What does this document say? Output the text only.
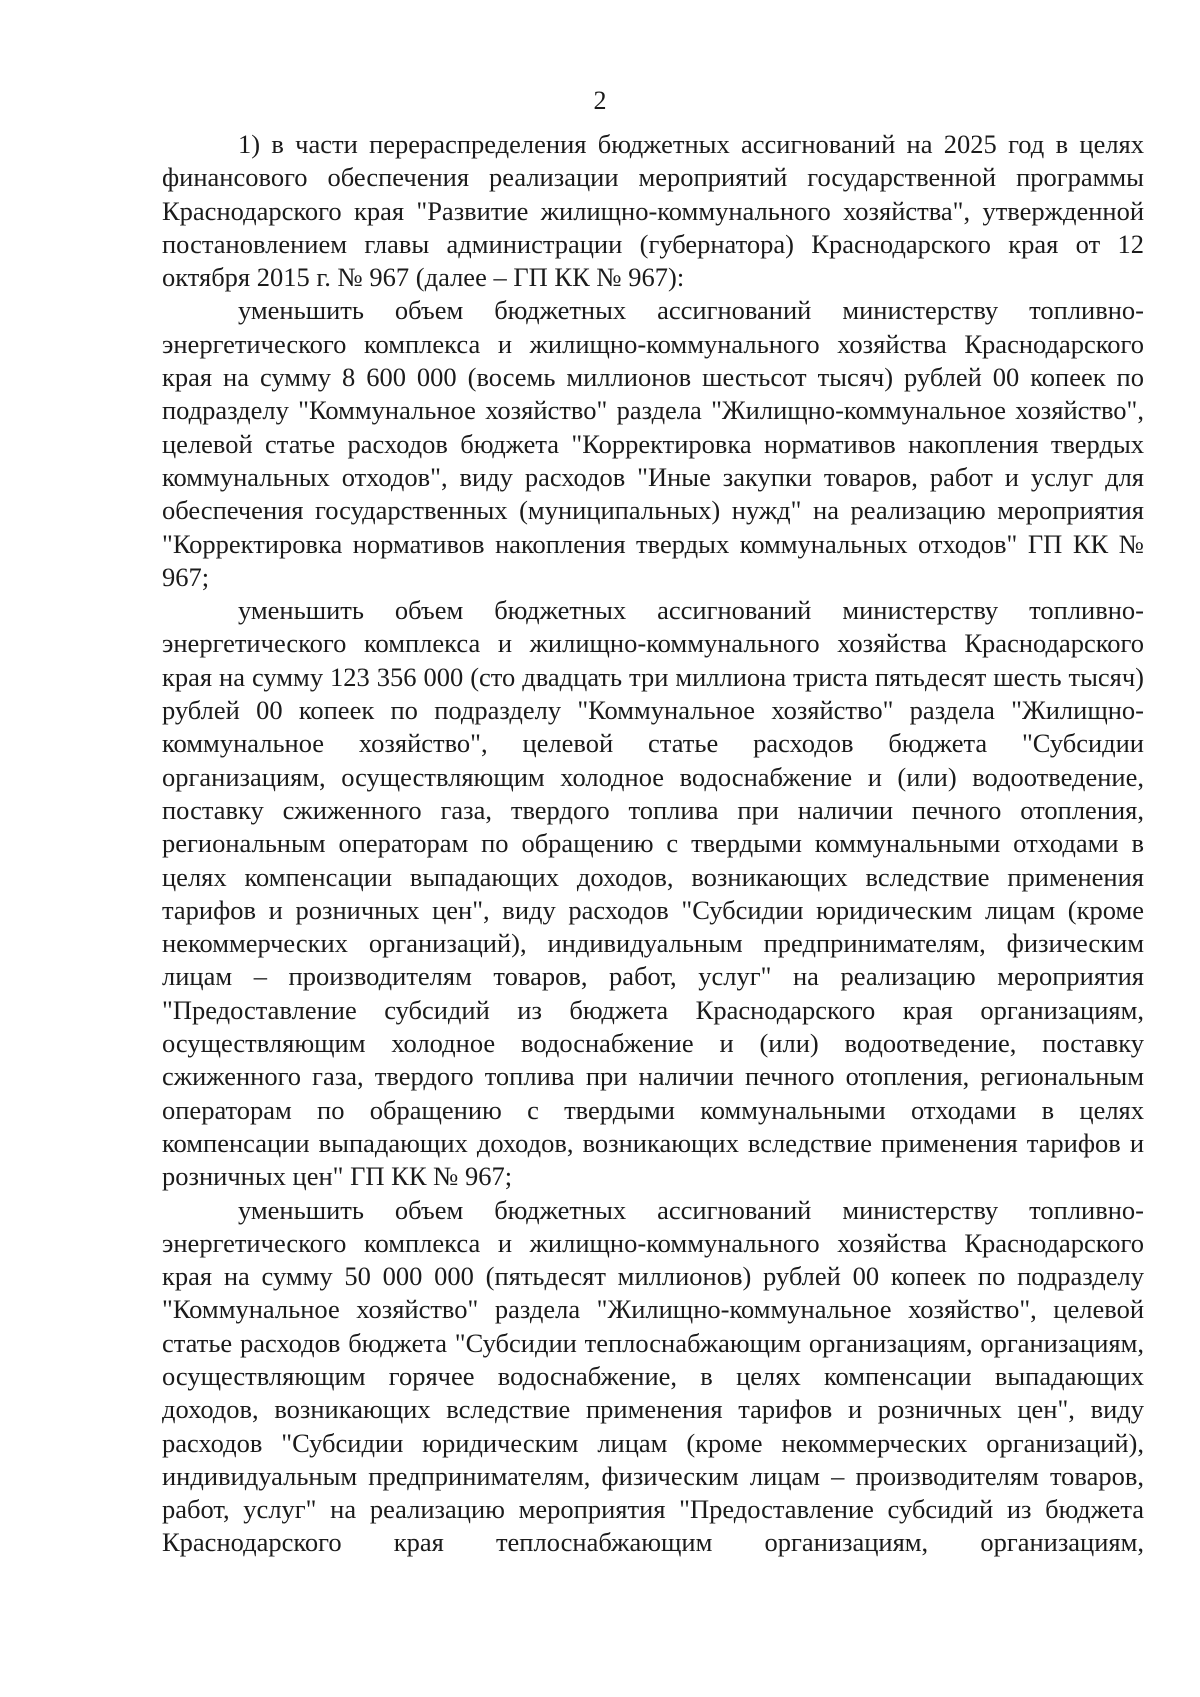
2

1) в части перераспределения бюджетных ассигнований на 2025 год в целях финансового обеспечения реализации мероприятий государственной программы Краснодарского края "Развитие жилищно-коммунального хозяйства", утвержденной постановлением главы администрации (губернатора) Краснодарского края от 12 октября 2015 г. № 967 (далее – ГП КК № 967):

уменьшить объем бюджетных ассигнований министерству топливно-энергетического комплекса и жилищно-коммунального хозяйства Краснодарского края на сумму 8 600 000 (восемь миллионов шестьсот тысяч) рублей 00 копеек по подразделу "Коммунальное хозяйство" раздела "Жилищно-коммунальное хозяйство", целевой статье расходов бюджета "Корректировка нормативов накопления твердых коммунальных отходов", виду расходов "Иные закупки товаров, работ и услуг для обеспечения государственных (муниципальных) нужд" на реализацию мероприятия "Корректировка нормативов накопления твердых коммунальных отходов" ГП КК № 967;

уменьшить объем бюджетных ассигнований министерству топливно-энергетического комплекса и жилищно-коммунального хозяйства Краснодарского края на сумму 123 356 000 (сто двадцать три миллиона триста пятьдесят шесть тысяч) рублей 00 копеек по подразделу "Коммунальное хозяйство" раздела "Жилищно-коммунальное хозяйство", целевой статье расходов бюджета "Субсидии организациям, осуществляющим холодное водоснабжение и (или) водоотведение, поставку сжиженного газа, твердого топлива при наличии печного отопления, региональным операторам по обращению с твердыми коммунальными отходами в целях компенсации выпадающих доходов, возникающих вследствие применения тарифов и розничных цен", виду расходов "Субсидии юридическим лицам (кроме некоммерческих организаций), индивидуальным предпринимателям, физическим лицам – производителям товаров, работ, услуг" на реализацию мероприятия "Предоставление субсидий из бюджета Краснодарского края организациям, осуществляющим холодное водоснабжение и (или) водоотведение, поставку сжиженного газа, твердого топлива при наличии печного отопления, региональным операторам по обращению с твердыми коммунальными отходами в целях компенсации выпадающих доходов, возникающих вследствие применения тарифов и розничных цен" ГП КК № 967;

уменьшить объем бюджетных ассигнований министерству топливно-энергетического комплекса и жилищно-коммунального хозяйства Краснодарского края на сумму 50 000 000 (пятьдесят миллионов) рублей 00 копеек по подразделу "Коммунальное хозяйство" раздела "Жилищно-коммунальное хозяйство", целевой статье расходов бюджета "Субсидии теплоснабжающим организациям, организациям, осуществляющим горячее водоснабжение, в целях компенсации выпадающих доходов, возникающих вследствие применения тарифов и розничных цен", виду расходов "Субсидии юридическим лицам (кроме некоммерческих организаций), индивидуальным предпринимателям, физическим лицам – производителям товаров, работ, услуг" на реализацию мероприятия "Предоставление субсидий из бюджета Краснодарского края теплоснабжающим организациям, организациям,
